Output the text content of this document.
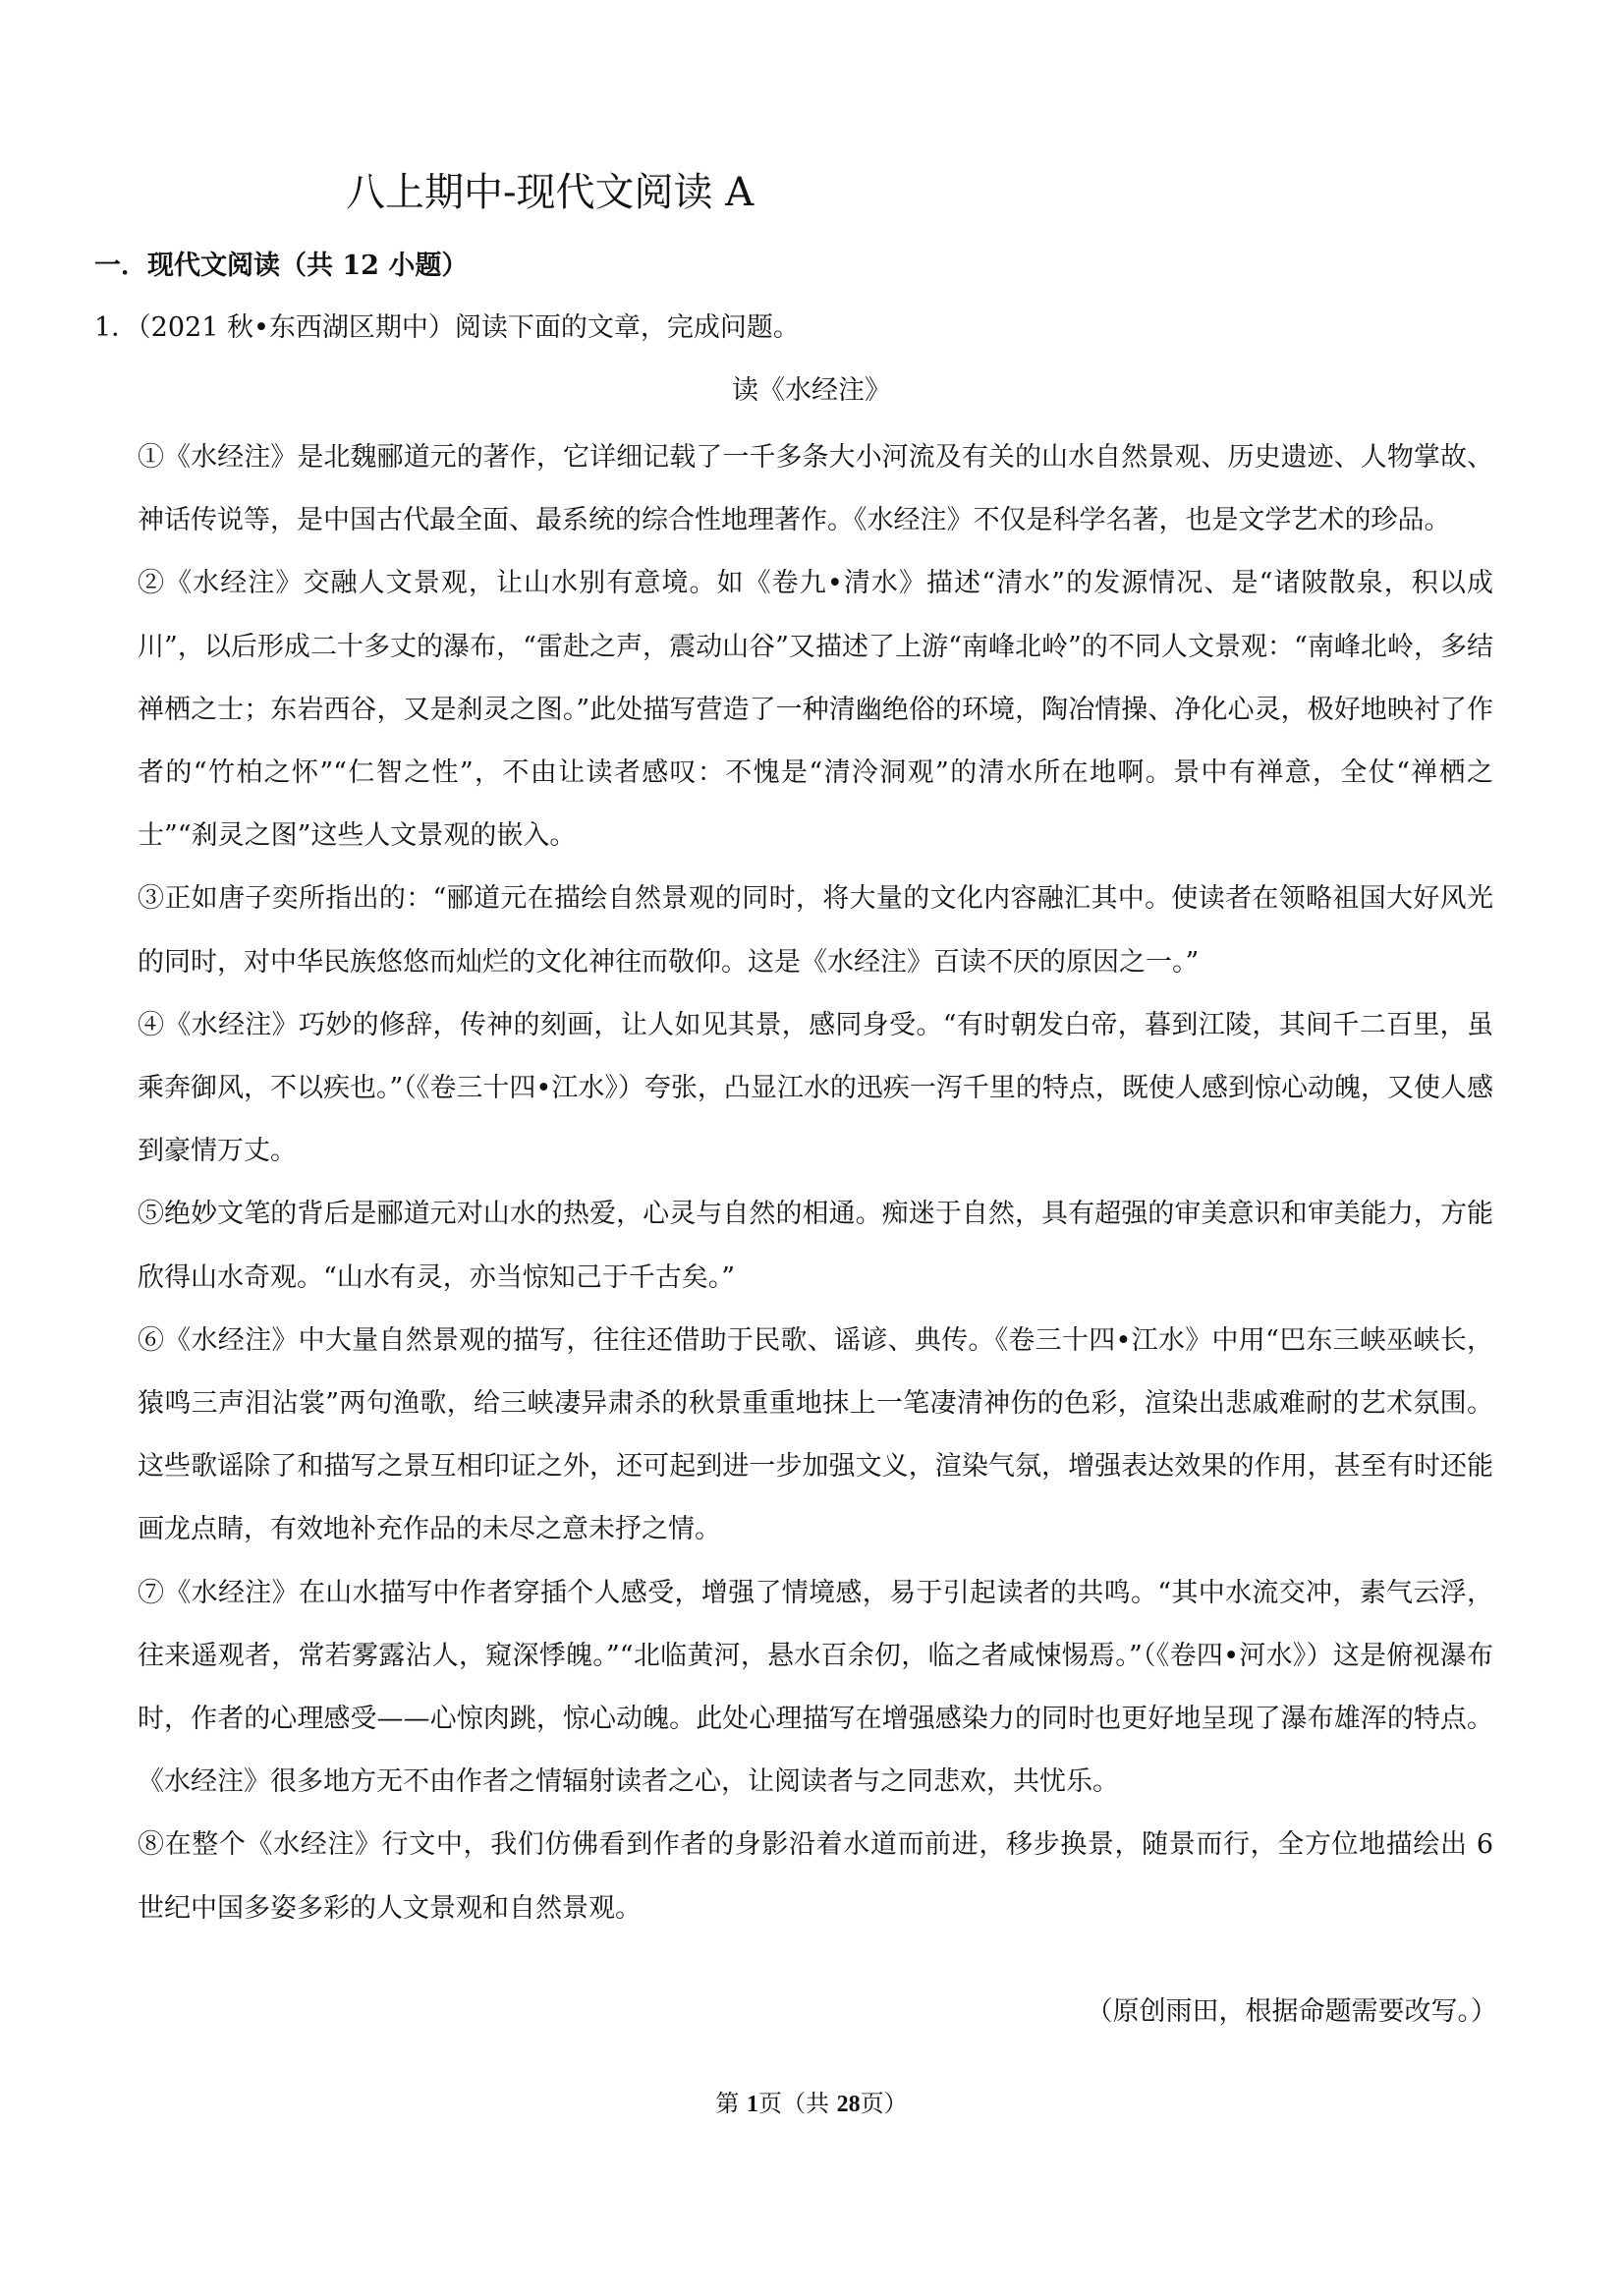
八上期中-现代文阅读 A
一．现代文阅读（共 12 小题）
1．（2021 秋•东西湖区期中）阅读下面的文章，完成问题。
读《水经注》

①《水经注》是北魏郦道元的著作，它详细记载了一千多条大小河流及有关的山水自然景观、历史遗迹、人物掌故、神话传说等，是中国古代最全面、最系统的综合性地理著作。《水经注》不仅是科学名著，也是文学艺术的珍品。

②《水经注》交融人文景观，让山水别有意境。如《卷九•清水》描述“清水”的发源情况、是“诸陂散泉，积以成川”，以后形成二十多丈的瀑布，“雷赴之声，震动山谷”又描述了上游“南峰北岭”的不同人文景观：“南峰北岭，多结禅栖之士；东岩西谷，又是刹灵之图。”此处描写营造了一种清幽绝俗的环境，陶冶情操、净化心灵，极好地映衬了作者的“竹柏之怀”“仁智之性”，不由让读者感叹：不愧是“清泠洞观”的清水所在地啊。景中有禅意，全仗“禅栖之士”“刹灵之图”这些人文景观的嵌入。

③正如唐子奕所指出的：“郦道元在描绘自然景观的同时，将大量的文化内容融汇其中。使读者在领略祖国大好风光的同时，对中华民族悠悠而灿烂的文化神往而敬仰。这是《水经注》百读不厌的原因之一。”

④《水经注》巧妙的修辞，传神的刻画，让人如见其景，感同身受。“有时朝发白帝，暮到江陵，其间千二百里，虽乘奔御风，不以疾也。”（《卷三十四•江水》）夸张，凸显江水的迅疾一泻千里的特点，既使人感到惊心动魄，又使人感到豪情万丈。

⑤绝妙文笔的背后是郦道元对山水的热爱，心灵与自然的相通。痴迷于自然，具有超强的审美意识和审美能力，方能欣得山水奇观。“山水有灵，亦当惊知己于千古矣。”

⑥《水经注》中大量自然景观的描写，往往还借助于民歌、谣谚、典传。《卷三十四•江水》中用“巴东三峡巫峡长，猿鸣三声泪沾裳”两句渔歌，给三峡凄异肃杀的秋景重重地抹上一笔凄清神伤的色彩，渲染出悲戚难耐的艺术氛围。这些歌谣除了和描写之景互相印证之外，还可起到进一步加强文义，渲染气氛，增强表达效果的作用，甚至有时还能画龙点睛，有效地补充作品的未尽之意未抒之情。

⑦《水经注》在山水描写中作者穿插个人感受，增强了情境感，易于引起读者的共鸣。“其中水流交冲，素气云浮，往来遥观者，常若雾露沾人，窥深悸魄。”“北临黄河，悬水百余仞，临之者咸悚惕焉。”（《卷四•河水》）这是俯视瀑布时，作者的心理感受——心惊肉跳，惊心动魄。此处心理描写在增强感染力的同时也更好地呈现了瀑布雄浑的特点。《水经注》很多地方无不由作者之情辐射读者之心，让阅读者与之同悲欢，共忧乐。

⑧在整个《水经注》行文中，我们仿佛看到作者的身影沿着水道而前进，移步换景，随景而行，全方位地描绘出 6 世纪中国多姿多彩的人文景观和自然景观。

（原创雨田，根据命题需要改写。）
第 1页（共 28页）
